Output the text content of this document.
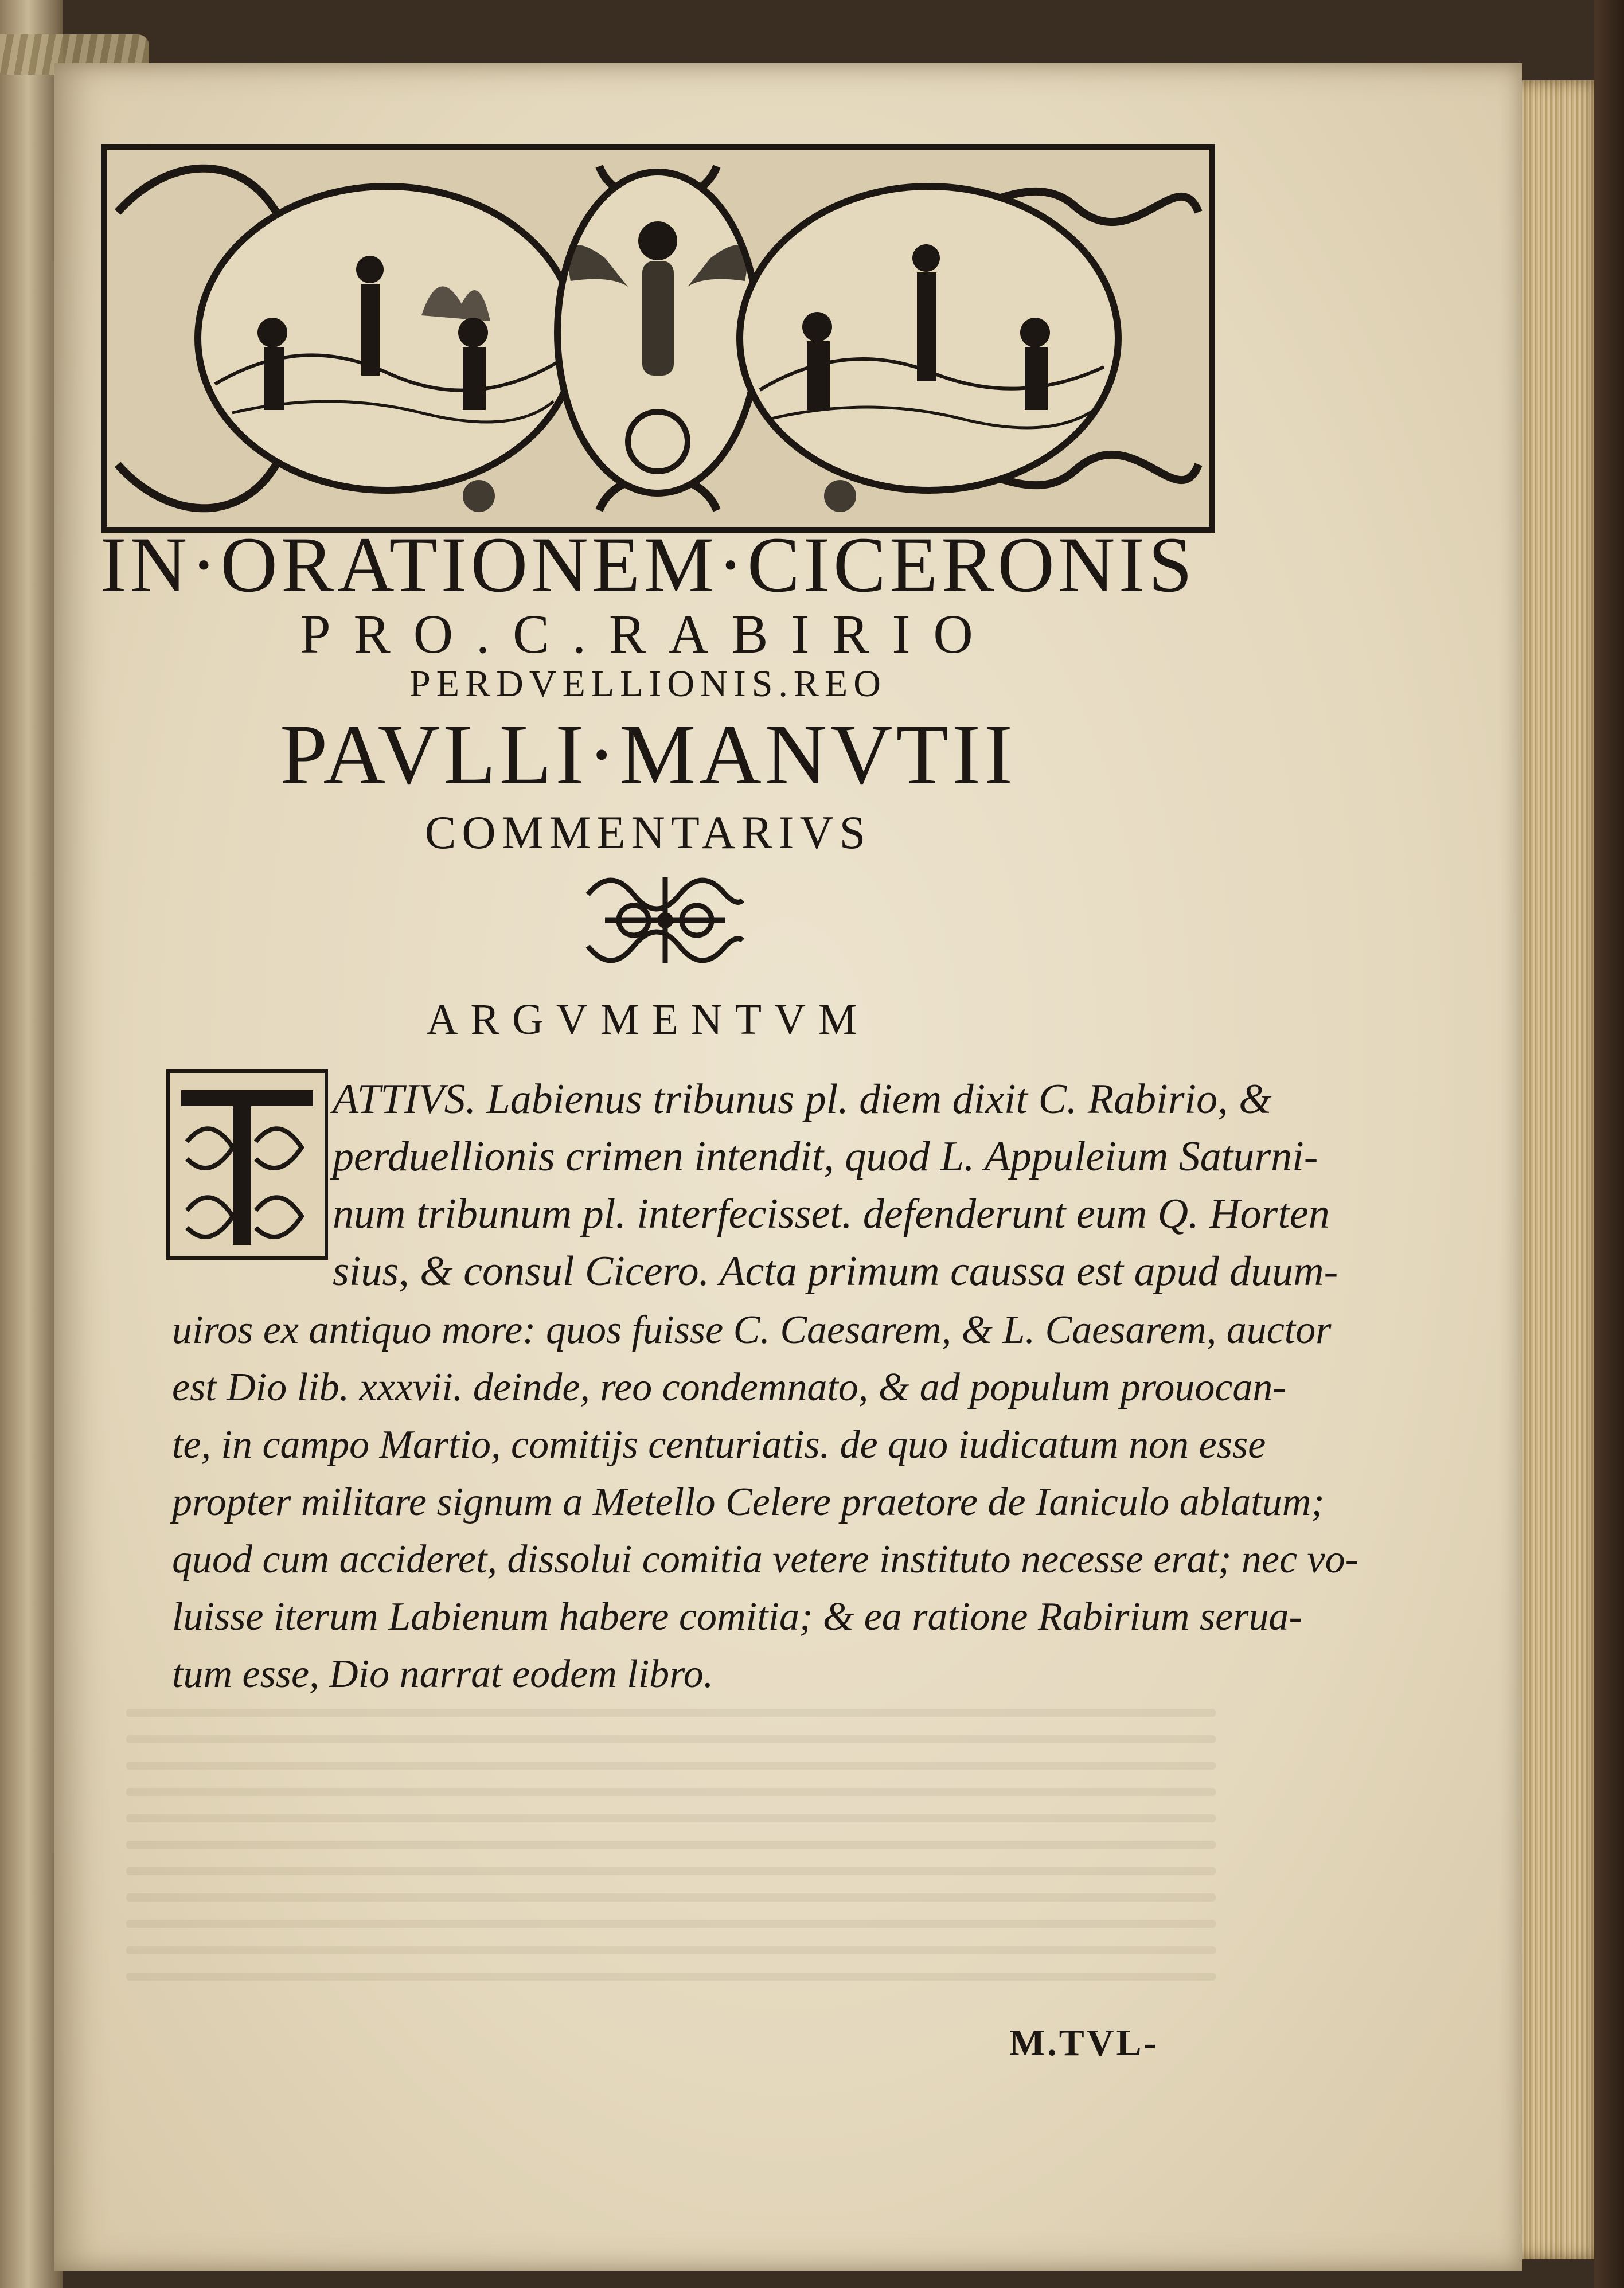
IN·ORATIONEM·CICERONIS
PRO.C.RABIRIO
PERDVELLIONIS.REO
PAVLLI·MANVTII
COMMENTARIVS
ARGVMENTVM
ATTIVS. Labienus tribunus pl. diem dixit C. Rabirio, &
perduellionis crimen intendit, quod L. Appuleium Saturni-
num tribunum pl. interfecisset. defenderunt eum Q. Horten
sius, & consul Cicero. Acta primum caussa est apud duum-
uiros ex antiquo more: quos fuisse C. Caesarem, & L. Caesarem, auctor
est Dio lib. xxxvii. deinde, reo condemnato, & ad populum prouocan-
te, in campo Martio, comitijs centuriatis. de quo iudicatum non esse
propter militare signum a Metello Celere praetore de Ianiculo ablatum;
quod cum accideret, dissolui comitia vetere instituto necesse erat; nec vo-
luisse iterum Labienum habere comitia; & ea ratione Rabirium serua-
tum esse, Dio narrat eodem libro.
M.TVL-
